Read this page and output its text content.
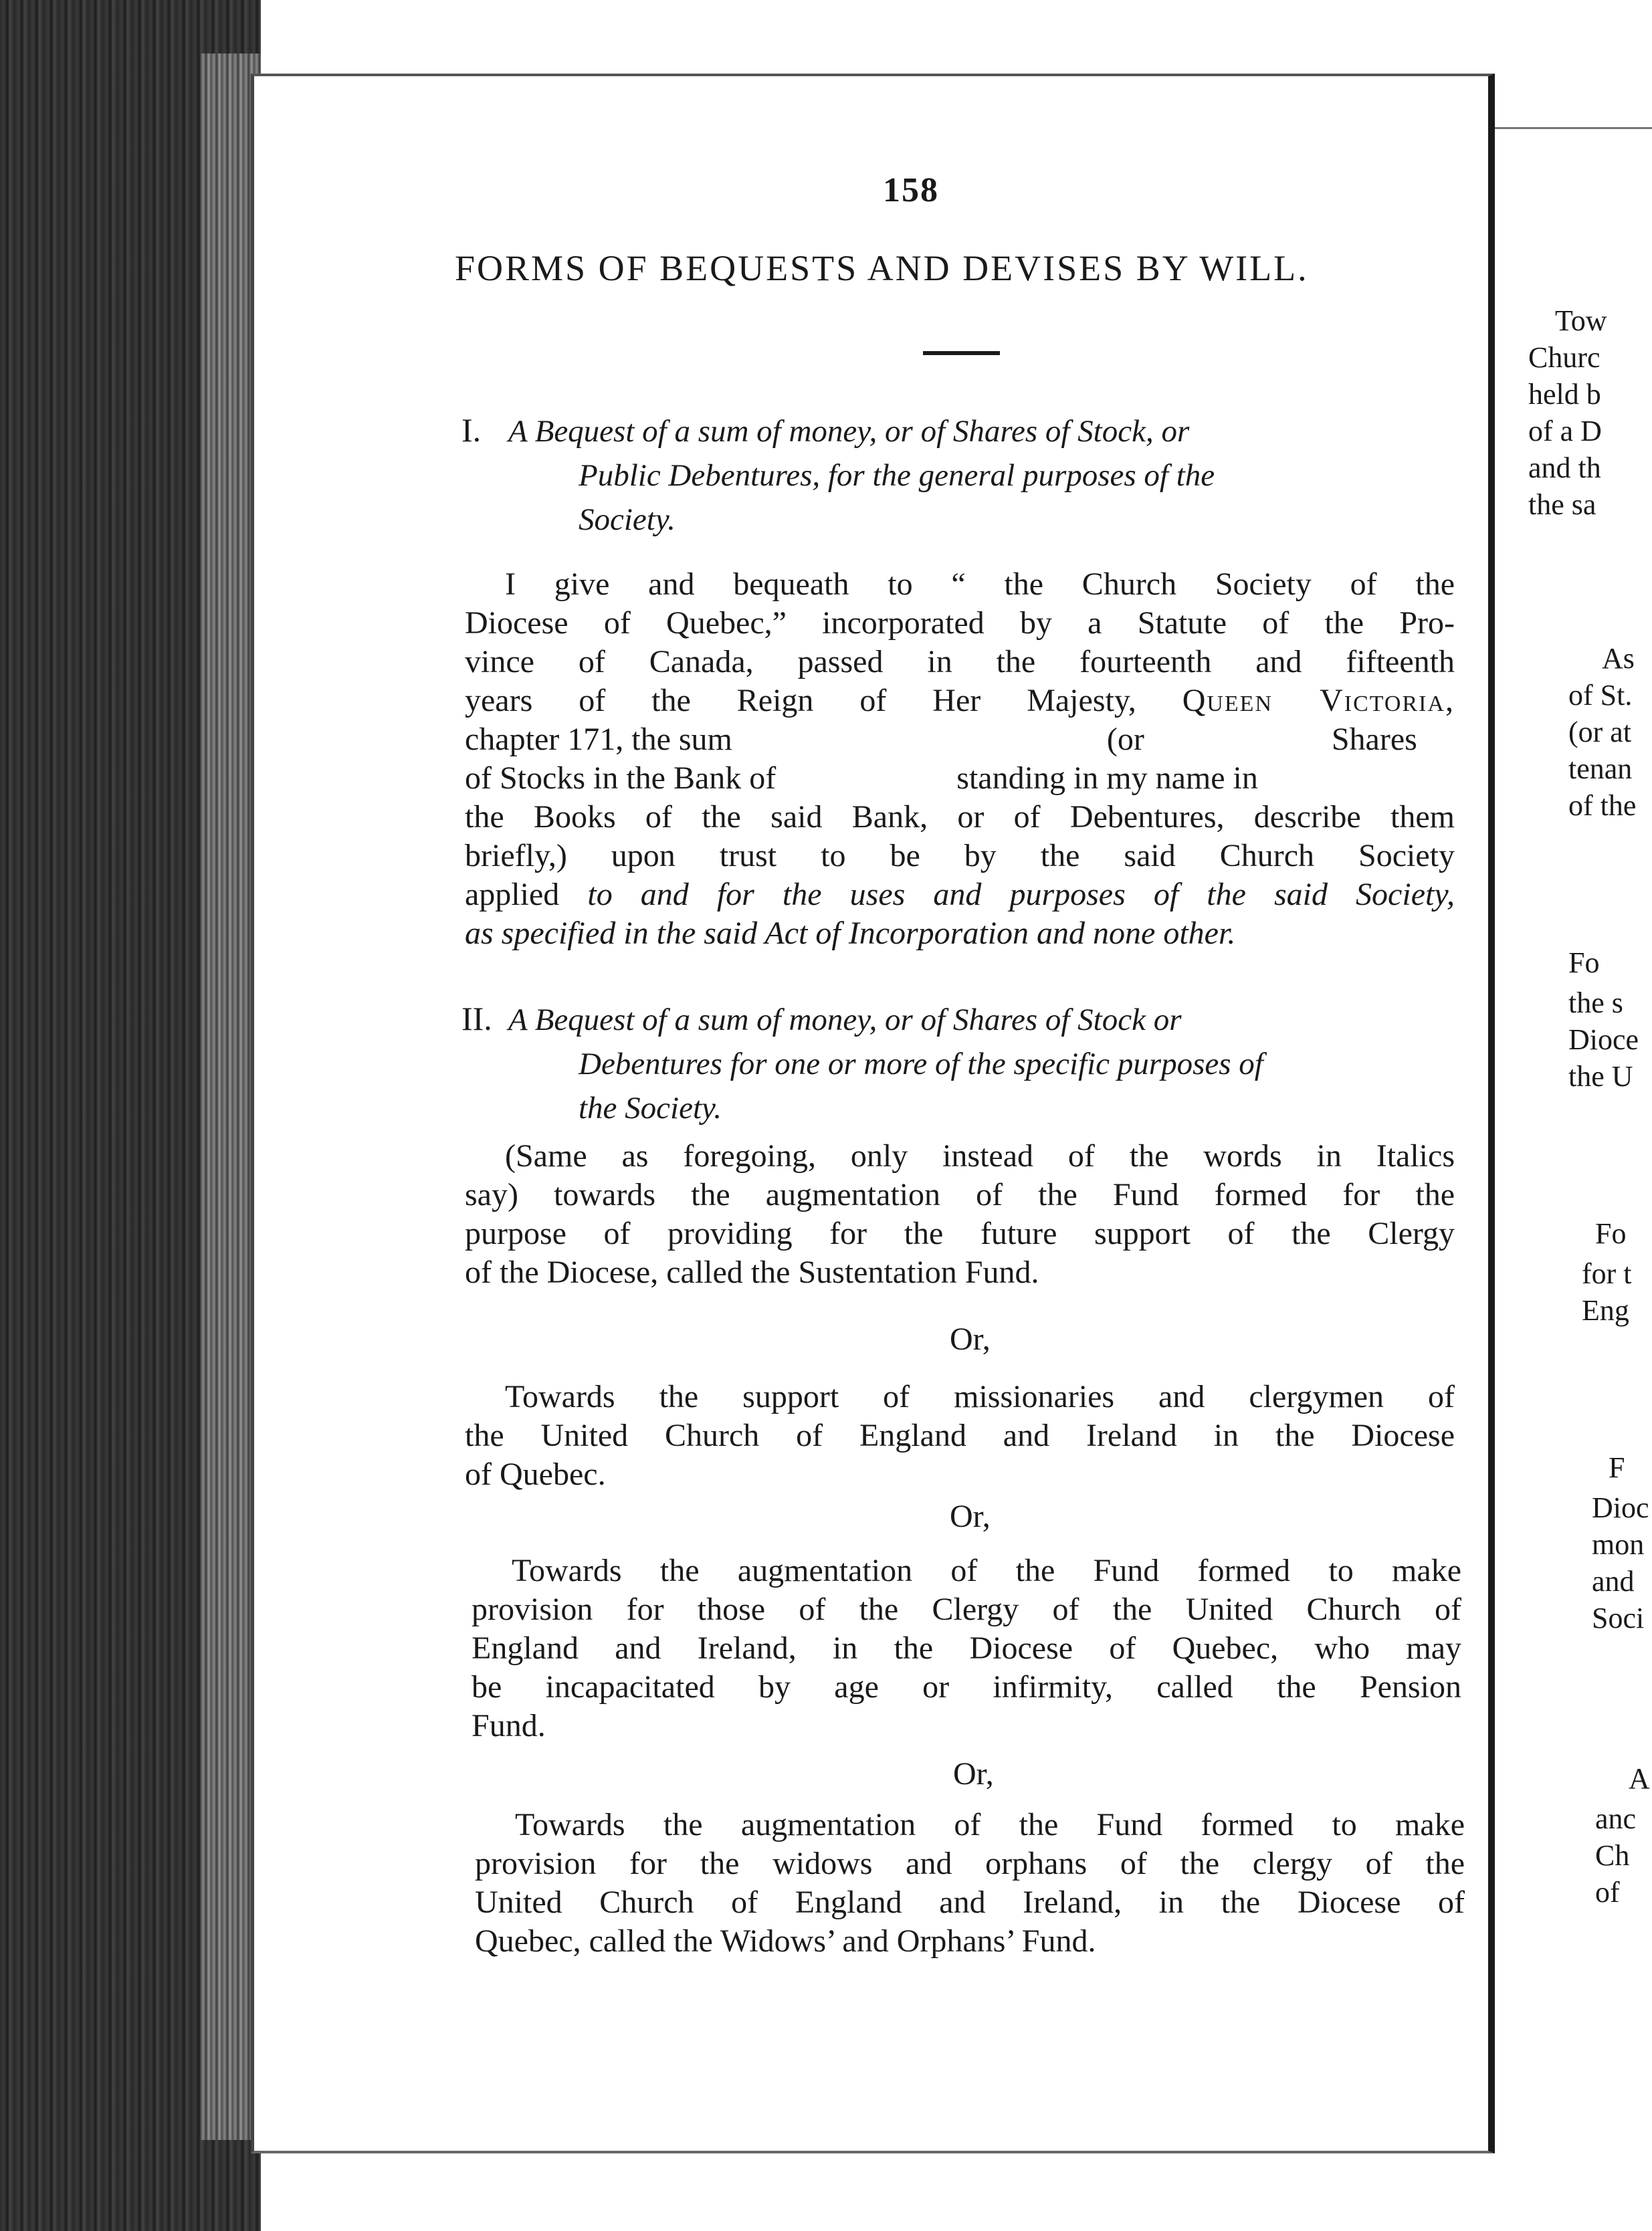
158
FORMS OF BEQUESTS AND DEVISES BY WILL.
I. A Bequest of a sum of money, or of Shares of Stock, or
Public Debentures, for the general purposes of the
Society.
I give and bequeath to “ the Church Society of the
Diocese of Quebec,” incorporated by a Statute of the Pro-
vince of Canada, passed in the fourteenth and fifteenth
years of the Reign of Her Majesty, Queen Victoria,
chapter 171, the sum	(or	Shares
of Stocks in the Bank of	standing in my name in
the Books of the said Bank, or of Debentures, describe them
briefly,) upon trust to be by the said Church Society
applied to and for the uses and purposes of the said Society,
as specified in the said Act of Incorporation and none other.
II. A Bequest of a sum of money, or of Shares of Stock or
Debentures for one or more of the specific purposes of
the Society.
(Same as foregoing, only instead of the words in Italics
say) towards the augmentation of the Fund formed for the
purpose of providing for the future support of the Clergy
of the Diocese, called the Sustentation Fund.
Or,
Towards the support of missionaries and clergymen of
the United Church of England and Ireland in the Diocese
of Quebec.
Or,
Towards the augmentation of the Fund formed to make
provision for those of the Clergy of the United Church of
England and Ireland, in the Diocese of Quebec, who may
be incapacitated by age or infirmity, called the Pension
Fund.
Or,
Towards the augmentation of the Fund formed to make
provision for the widows and orphans of the clergy of the
United Church of England and Ireland, in the Diocese of
Quebec, called the Widows’ and Orphans’ Fund.
Tow
Churc
held b
of a D
and th
the sa
As
of St.
(or at
tenan
of the
Fo
the s
Dioce
the U
Fo
for t
Eng
F
Dioc
mon
and
Soci
A
anc
Ch
of
